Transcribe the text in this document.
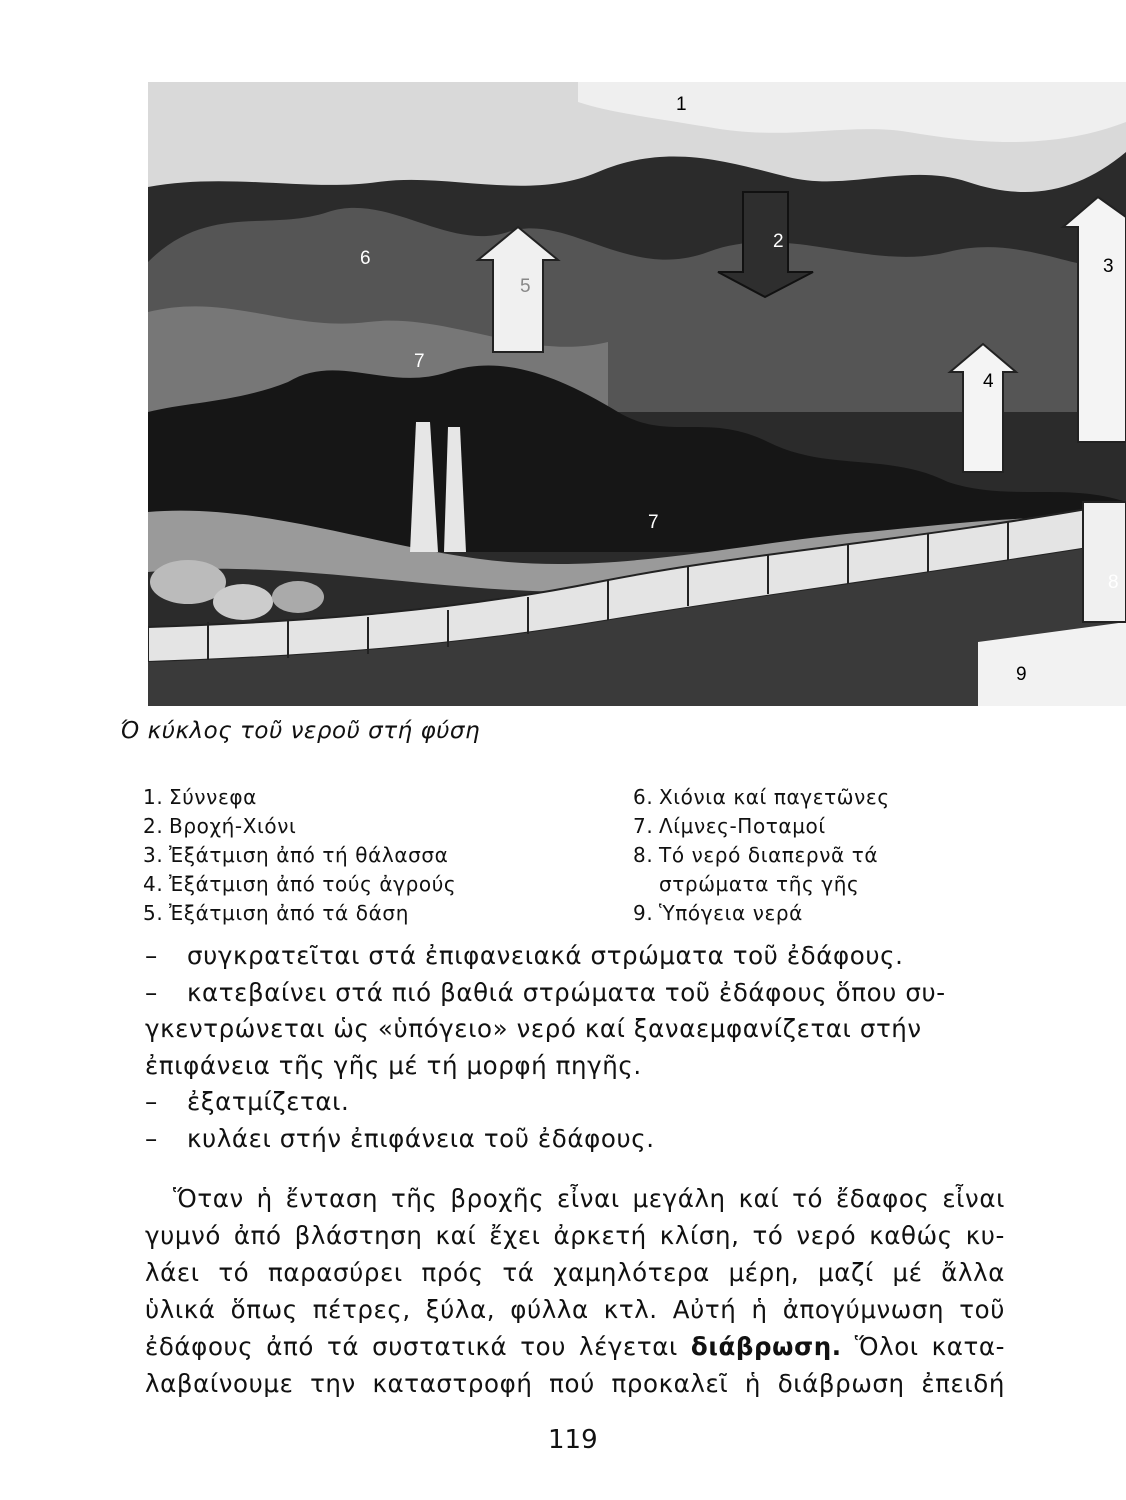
1
2
3
4
5
6
7
7
8
9
Ό κύκλος τοῦ νεροῦ στή φύση
1. Σύννεφα
2. Βροχή-Χιόνι
3. Ἐξάτμιση ἀπό τή θάλασσα
4. Ἐξάτμιση ἀπό τούς ἀγρούς
5. Ἐξάτμιση ἀπό τά δάση
6. Χιόνια καί παγετῶνες
7. Λίμνες-Ποταμοί
8. Τό νερό διαπερνᾶ τά
στρώματα τῆς γῆς
9. Ὑπόγεια νερά
– συγκρατεῖται στά ἐπιφανειακά στρώματα τοῦ ἐδάφους.
– κατεβαίνει στά πιό βαθιά στρώματα τοῦ ἐδάφους ὅπου συ-
γκεντρώνεται ὡς «ὑπόγειο» νερό καί ξαναεμφανίζεται στήν
ἐπιφάνεια τῆς γῆς μέ τή μορφή πηγῆς.
– ἐξατμίζεται.
– κυλάει στήν ἐπιφάνεια τοῦ ἐδάφους.
Ὅταν ἡ ἔνταση τῆς βροχῆς εἶναι μεγάλη καί τό ἔδαφος εἶναι
γυμνό ἀπό βλάστηση καί ἔχει ἀρκετή κλίση, τό νερό καθώς κυ-
λάει τό παρασύρει πρός τά χαμηλότερα μέρη, μαζί μέ ἄλλα
ὑλικά ὅπως πέτρες, ξύλα, φύλλα κτλ. Αὐτή ἡ ἀπογύμνωση τοῦ
ἐδάφους ἀπό τά συστατικά του λέγεται διάβρωση. Ὅλοι κατα-
λαβαίνουμε την καταστροφή πού προκαλεῖ ἡ διάβρωση ἐπειδή
119
